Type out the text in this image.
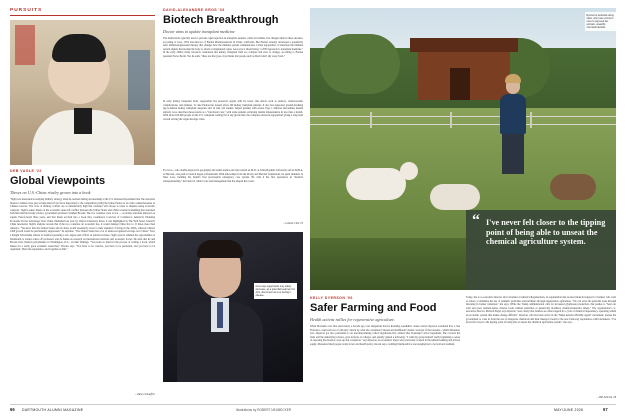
PURSUITS
DEB VAGLE '22
Global Viewpoints
Theses on U.S.-China rivalry grown into a book
"Sight was interested in studying military strategy when he realized during an internship at the U.S. Defense Department that 'the structural threats to human were just as important (if not more important) to the competition [with] the United States as its with countermeasures as Chinese sources.' The cross of military conflict are so unbelievably high that countries will choose to resist to disputes using economic weapons.' Sight's senior thesis on the economic statecraft conflict between the United States and China revealed something that surprised both him and his faculty advisor, government professor Stephen Brooks: The two countries were at war — economy sanctions imposed on equals. Fast-forward three years, and that thesis evolved into a book they coauthored, Coercion of Commerce: America's Enduring Economic Power Advantage Over China. Published last year by Oxford University Press, it was highlighted in The Wall Street Journal's China newsletter. Sight's analysis reveals that if the two countries cut economic ties, it would damage China five to 15 times more than America. "We show that the United States and its allies would essentially revert to their standard of living in the 1950s, whereas China's GDP growth would be permanently suppressed," he explains. "The United States has a lot of under-recognized leverage over China." Now a Knight Scholarship scholar at Stanford pursuing a law degree and a Ph.D. in political science, Sight says he relished the opportunities at Dartmouth to bounce ideas off professors and do hands-on research on international relations and economic forces. He adds that he and Brooks have briefed policymakers in Washington, D.C., on their findings. "You learn so much in the process of writing a book, which makes for a really great academic researcher," Brooks says. "You have to be creative, you have to be persistent, and you have to be organized. That's the experience, and it applies to him."
—Nancy Schoeffler
DAVID-ALEXANDRE GROS '03
Biotech Breakthrough
Doctor aims to update transplant medicine
The medications typically used to prevent organ rejection in transplant patients, called tacrolimus, has changed little in three decades, according to Gros, CEO and director of Eledon Pharmaceuticals in Irvine, California. But Eledon recently developed a potentially safer immunosuppressant therapy that changes how the immune system communicates. Called tegoprubart, it interrupts the immune system signals that prompt the body to attack a transplanted organ. Gros says it should bring "a 2030 approach to transplant medicine." In the early 2000s, many investors considered this kidney transplant field too complex and slow to change, according to Eledon president Steve Perrin. Yet, he adds, "there are the types of problems that people such as David don't shy away from."
In early kidney transplant trials, tegoprubart has protected organs with far fewer side effects such as tremors, cardiovascular complications, and diabetes. To date Eledon has treated about 100 kidney transplant patients. It also has supported ground-breaking pig-to-human kidney transplant surgeries and, in islet cell studies, helped patients with severe Type 1 diabetes discontinue insulin entirely. Gros describes these results as a "functional cure," with some patients achieving insulin independence in less than a month. With about 100,000 people on the U.S. transplant waiting list at any given time, the company envisions tegoprubart giving a long-term overall solving the organ shortage crisis.
For Gros—who double-majored in geography and Asian studies and later earned an M.D. at Johns Hopkins University and an M.B.A. at Harvard—the path to biotech began at Dartmouth. With fellowships from the Rocky and Hewlett foundations, he spent summers in Nuer Laos, building the island's first pre-hospital emergency care system. He calls it his first experience in "medical entrepreneurship," the blend of clinical care and management that has shaped his career.
—Colleen Clint '25
Gros says tegoprubart may safely decrease, as a potential treatment for ALS, also known as Lou Gehrig's disease.
Ryerson's pesticide-using sister, who uses common ones to pay feed her animals, unearths chemical hazards.
“ I've never felt closer to the tipping point of being able to unseat the chemical agriculture system.
KELLY DYERSON '06
Safer Farming and Food
Health activist rallies for regenerative agriculture.
When Monsanto was first sued nearly a decade ago over allegations that its Roundup weedkiller causes cancer, Ryerson wondered how a San Francisco courtroom out of curiosity. Struck by what she considered "biased and indifferent" media coverage of the lawsuits—which Monsanto lost—Ryerson got into journalism to an uncompromising called Glyphosate.Ovi, named after Roundup's active ingredient. She covered the trials and the underlying science, gave lectures at colleges, and quickly gained a following. "I wish my group helped! really beginning to sense of exposing the massive cover-up and corruption," says Ryerson, an economics major who previously worked in investment banking and private equity. Monsanto hired people today in law and health policy abroad says, crediting Dartmouth for encouraging her to be bold and resilient.
Today, she is co-executive director and cofounder of America Regeneration, an organization that secures financial support for farmers who want to reduce or eliminate the use of synthetic pesticides and fertilizers through regenerative agriculture. "We can solve the pesticide issue through investing in farmer transition," she says. While the Trump administration calls for increased glyphosate production, that pushes to "heal our soils and grow nutrient-dense, diverse foods without pesticides or genetically modified, chemical-intensive inputs." The organization's co-executive director, Richard Engel, says Ryerson "sees clearly that farmers are often trapped in a cycle of chemical dependency, operating within an economic system that makes change difficult." Ryerson, who has been active in the "Make America Healthy Again" movement, praises the government to costs in from the use of dangerous chemicals and their lineage forward to the new farm-stay experiences with lawmakers. "I've never felt closer to the tipping point of being able to unseat the chemical agriculture system," she says.
—Will Zebrook '28
66 DARTMOUTH ALUMNI MAGAZINE	Illustrations by ROBERT NEUBECKER	MAY/JUNE 2026	67
